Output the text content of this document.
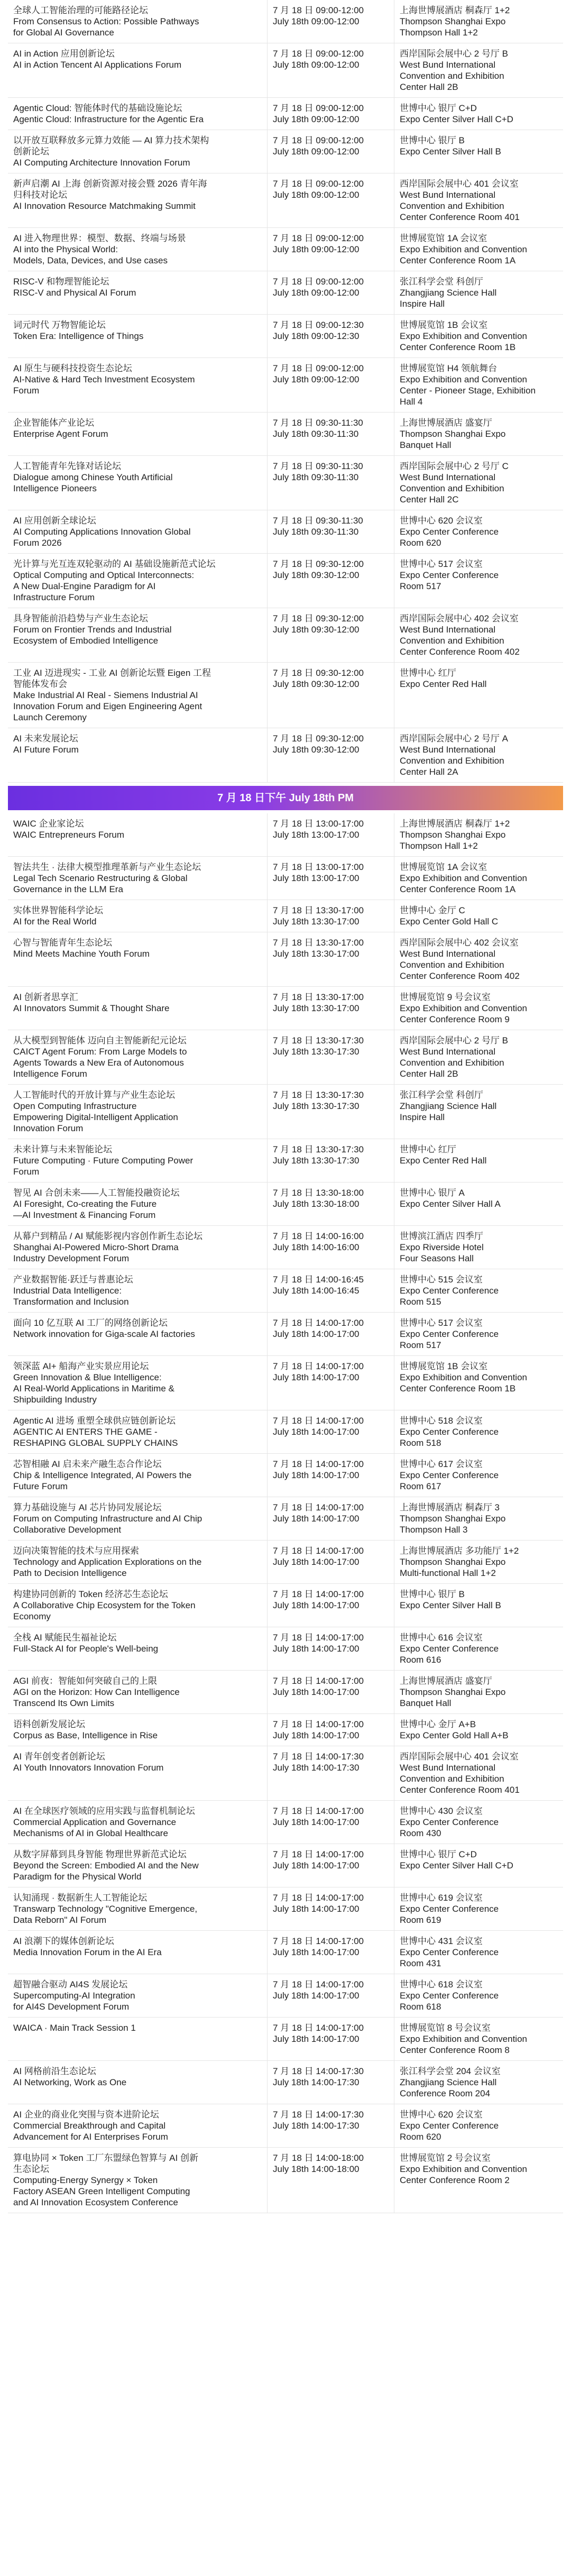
全球人工智能治理的可能路径论坛
From Consensus to Action: Possible Pathways
for Global AI Governance
7 月 18 日 09:00-12:00
July 18th 09:00-12:00
上海世博展酒店 桐森厅 1+2
Thompson Shanghai Expo
Thompson Hall 1+2
AI in Action 应用创新论坛
AI in Action Tencent AI Applications Forum
7 月 18 日 09:00-12:00
July 18th 09:00-12:00
西岸国际会展中心 2 号厅 B
West Bund International
Convention and Exhibition
Center Hall 2B
Agentic Cloud: 智能体时代的基础设施论坛
Agentic Cloud: Infrastructure for the Agentic Era
7 月 18 日 09:00-12:00
July 18th 09:00-12:00
世博中心 银厅 C+D
Expo Center Silver Hall C+D
以开放互联释放多元算力效能 — AI 算力技术架构
创新论坛
AI Computing Architecture Innovation Forum
7 月 18 日 09:00-12:00
July 18th 09:00-12:00
世博中心 银厅 B
Expo Center Silver Hall B
新声启潮 AI 上海 创新资源对接会暨 2026 青年海
归科技对论坛
AI Innovation Resource Matchmaking Summit
7 月 18 日 09:00-12:00
July 18th 09:00-12:00
西岸国际会展中心 401 会议室
West Bund International
Convention and Exhibition
Center Conference Room 401
AI 进入物理世界：模型、数据、终端与场景
AI into the Physical World:
Models, Data, Devices, and Use cases
7 月 18 日 09:00-12:00
July 18th 09:00-12:00
世博展览馆 1A 会议室
Expo Exhibition and Convention
Center Conference Room 1A
RISC-V 和物理智能论坛
RISC-V and Physical AI Forum
7 月 18 日 09:00-12:00
July 18th 09:00-12:00
张江科学会堂 科创厅
Zhangjiang Science Hall
Inspire Hall
词元时代 万物智能论坛
Token Era: Intelligence of Things
7 月 18 日 09:00-12:30
July 18th 09:00-12:30
世博展览馆 1B 会议室
Expo Exhibition and Convention
Center Conference Room 1B
AI 原生与硬科技投资生态论坛
AI-Native & Hard Tech Investment Ecosystem
Forum
7 月 18 日 09:00-12:00
July 18th 09:00-12:00
世博展览馆 H4 领航舞台
Expo Exhibition and Convention
Center - Pioneer Stage, Exhibition
Hall 4
企业智能体产业论坛
Enterprise Agent Forum
7 月 18 日 09:30-11:30
July 18th 09:30-11:30
上海世博展酒店 盛宴厅
Thompson Shanghai Expo
Banquet Hall
人工智能青年先锋对话论坛
Dialogue among Chinese Youth Artificial
Intelligence Pioneers
7 月 18 日 09:30-11:30
July 18th 09:30-11:30
西岸国际会展中心 2 号厅 C
West Bund International
Convention and Exhibition
Center Hall 2C
AI 应用创新全球论坛
AI Computing Applications Innovation Global
Forum 2026
7 月 18 日 09:30-11:30
July 18th 09:30-11:30
世博中心 620 会议室
Expo Center Conference
Room 620
光计算与光互连双轮驱动的 AI 基础设施新范式论坛
Optical Computing and Optical Interconnects:
A New Dual-Engine Paradigm for AI
Infrastructure Forum
7 月 18 日 09:30-12:00
July 18th 09:30-12:00
世博中心 517 会议室
Expo Center Conference
Room 517
具身智能前沿趋势与产业生态论坛
Forum on Frontier Trends and Industrial
Ecosystem of Embodied Intelligence
7 月 18 日 09:30-12:00
July 18th 09:30-12:00
西岸国际会展中心 402 会议室
West Bund International
Convention and Exhibition
Center Conference Room 402
工业 AI 迈进现实 - 工业 AI 创新论坛暨 Eigen 工程
智能体发布会
Make Industrial AI Real - Siemens Industrial AI
Innovation Forum and Eigen Engineering Agent
Launch Ceremony
7 月 18 日 09:30-12:00
July 18th 09:30-12:00
世博中心 红厅
Expo Center Red Hall
AI 未来发展论坛
AI Future Forum
7 月 18 日 09:30-12:00
July 18th 09:30-12:00
西岸国际会展中心 2 号厅 A
West Bund International
Convention and Exhibition
Center Hall 2A
7 月 18 日下午 July 18th PM
WAIC 企业家论坛
WAIC Entrepreneurs Forum
7 月 18 日 13:00-17:00
July 18th 13:00-17:00
上海世博展酒店 桐森厅 1+2
Thompson Shanghai Expo
Thompson Hall 1+2
智法共生 · 法律大模型推理革新与产业生态论坛
Legal Tech Scenario Restructuring & Global
Governance in the LLM Era
7 月 18 日 13:00-17:00
July 18th 13:00-17:00
世博展览馆 1A 会议室
Expo Exhibition and Convention
Center Conference Room 1A
实体世界智能科学论坛
AI for the Real World
7 月 18 日 13:30-17:00
July 18th 13:30-17:00
世博中心 金厅 C
Expo Center Gold Hall C
心智与智能青年生态论坛
Mind Meets Machine Youth Forum
7 月 18 日 13:30-17:00
July 18th 13:30-17:00
西岸国际会展中心 402 会议室
West Bund International
Convention and Exhibition
Center Conference Room 402
AI 创新者思享汇
AI Innovators Summit & Thought Share
7 月 18 日 13:30-17:00
July 18th 13:30-17:00
世博展览馆 9 号会议室
Expo Exhibition and Convention
Center Conference Room 9
从大模型到智能体 迈向自主智能新纪元论坛
CAICT Agent Forum: From Large Models to
Agents Towards a New Era of Autonomous
Intelligence Forum
7 月 18 日 13:30-17:30
July 18th 13:30-17:30
西岸国际会展中心 2 号厅 B
West Bund International
Convention and Exhibition
Center Hall 2B
人工智能时代的开放计算与产业生态论坛
Open Computing Infrastructure
Empowering Digital-Intelligent Application
Innovation Forum
7 月 18 日 13:30-17:30
July 18th 13:30-17:30
张江科学会堂 科创厅
Zhangjiang Science Hall
Inspire Hall
未来计算与未来智能论坛
Future Computing · Future Computing Power
Forum
7 月 18 日 13:30-17:30
July 18th 13:30-17:30
世博中心 红厅
Expo Center Red Hall
智见 AI 合创未来——人工智能投融资论坛
AI Foresight, Co-creating the Future
—AI Investment & Financing Forum
7 月 18 日 13:30-18:00
July 18th 13:30-18:00
世博中心 银厅 A
Expo Center Silver Hall A
从幕户到精品 / AI 赋能影视内容创作新生态论坛
Shanghai AI-Powered Micro-Short Drama
Industry Development Forum
7 月 18 日 14:00-16:00
July 18th 14:00-16:00
世博滨江酒店 四季厅
Expo Riverside Hotel
Four Seasons Hall
产业数据智能·跃迁与普惠论坛
Industrial Data Intelligence:
Transformation and Inclusion
7 月 18 日 14:00-16:45
July 18th 14:00-16:45
世博中心 515 会议室
Expo Center Conference
Room 515
面向 10 亿互联 AI 工厂的网络创新论坛
Network innovation for Giga-scale AI factories
7 月 18 日 14:00-17:00
July 18th 14:00-17:00
世博中心 517 会议室
Expo Center Conference
Room 517
领深蓝 AI+ 船海产业实景应用论坛
Green Innovation & Blue Intelligence:
AI Real-World Applications in Maritime &
Shipbuilding Industry
7 月 18 日 14:00-17:00
July 18th 14:00-17:00
世博展览馆 1B 会议室
Expo Exhibition and Convention
Center Conference Room 1B
Agentic AI 进场 重塑全球供应链创新论坛
AGENTIC AI ENTERS THE GAME -
RESHAPING GLOBAL SUPPLY CHAINS
7 月 18 日 14:00-17:00
July 18th 14:00-17:00
世博中心 518 会议室
Expo Center Conference
Room 518
芯智相融 AI 启未来产融生态合作论坛
Chip & Intelligence Integrated, AI Powers the
Future Forum
7 月 18 日 14:00-17:00
July 18th 14:00-17:00
世博中心 617 会议室
Expo Center Conference
Room 617
算力基础设施与 AI 芯片协同发展论坛
Forum on Computing Infrastructure and AI Chip
Collaborative Development
7 月 18 日 14:00-17:00
July 18th 14:00-17:00
上海世博展酒店 桐森厅 3
Thompson Shanghai Expo
Thompson Hall 3
迈向决策智能的技术与应用探索
Technology and Application Explorations on the
Path to Decision Intelligence
7 月 18 日 14:00-17:00
July 18th 14:00-17:00
上海世博展酒店 多功能厅 1+2
Thompson Shanghai Expo
Multi-functional Hall 1+2
构建协同创新的 Token 经济芯生态论坛
A Collaborative Chip Ecosystem for the Token
Economy
7 月 18 日 14:00-17:00
July 18th 14:00-17:00
世博中心 银厅 B
Expo Center Silver Hall B
全栈 AI 赋能民生福祉论坛
Full-Stack AI for People's Well-being
7 月 18 日 14:00-17:00
July 18th 14:00-17:00
世博中心 616 会议室
Expo Center Conference
Room 616
AGI 前夜：智能如何突破自己的上限
AGI on the Horizon: How Can Intelligence
Transcend Its Own Limits
7 月 18 日 14:00-17:00
July 18th 14:00-17:00
上海世博展酒店 盛宴厅
Thompson Shanghai Expo
Banquet Hall
语料创新发展论坛
Corpus as Base, Intelligence in Rise
7 月 18 日 14:00-17:00
July 18th 14:00-17:00
世博中心 金厅 A+B
Expo Center Gold Hall A+B
AI 青年创变者创新论坛
AI Youth Innovators Innovation Forum
7 月 18 日 14:00-17:30
July 18th 14:00-17:30
西岸国际会展中心 401 会议室
West Bund International
Convention and Exhibition
Center Conference Room 401
AI 在全球医疗领域的应用实践与监督机制论坛
Commercial Application and Governance
Mechanisms of AI in Global Healthcare
7 月 18 日 14:00-17:00
July 18th 14:00-17:00
世博中心 430 会议室
Expo Center Conference
Room 430
从数字屏幕到具身智能 物理世界新范式论坛
Beyond the Screen: Embodied AI and the New
Paradigm for the Physical World
7 月 18 日 14:00-17:00
July 18th 14:00-17:00
世博中心 银厅 C+D
Expo Center Silver Hall C+D
认知涌现 · 数据新生人工智能论坛
Transwarp Technology "Cognitive Emergence,
Data Reborn" AI Forum
7 月 18 日 14:00-17:00
July 18th 14:00-17:00
世博中心 619 会议室
Expo Center Conference
Room 619
AI 浪潮下的媒体创新论坛
Media Innovation Forum in the AI Era
7 月 18 日 14:00-17:00
July 18th 14:00-17:00
世博中心 431 会议室
Expo Center Conference
Room 431
超智融合驱动 AI4S 发展论坛
Supercomputing-AI Integration
for AI4S Development Forum
7 月 18 日 14:00-17:00
July 18th 14:00-17:00
世博中心 618 会议室
Expo Center Conference
Room 618
WAICA · Main Track Session 1	7 月 18 日 14:00-17:00
July 18th 14:00-17:00
世博展览馆 8 号会议室
Expo Exhibition and Convention
Center Conference Room 8
AI 网格前沿生态论坛
AI Networking, Work as One
7 月 18 日 14:00-17:30
July 18th 14:00-17:30
张江科学会堂 204 会议室
Zhangjiang Science Hall
Conference Room 204
AI 企业的商业化突围与资本进阶论坛
Commercial Breakthrough and Capital
Advancement for AI Enterprises Forum
7 月 18 日 14:00-17:30
July 18th 14:00-17:30
世博中心 620 会议室
Expo Center Conference
Room 620
算电协同 × Token 工厂东盟绿色智算与 AI 创新
生态论坛
Computing-Energy Synergy × Token
Factory ASEAN Green Intelligent Computing
and AI Innovation Ecosystem Conference
7 月 18 日 14:00-18:00
July 18th 14:00-18:00
世博展览馆 2 号会议室
Expo Exhibition and Convention
Center Conference Room 2
